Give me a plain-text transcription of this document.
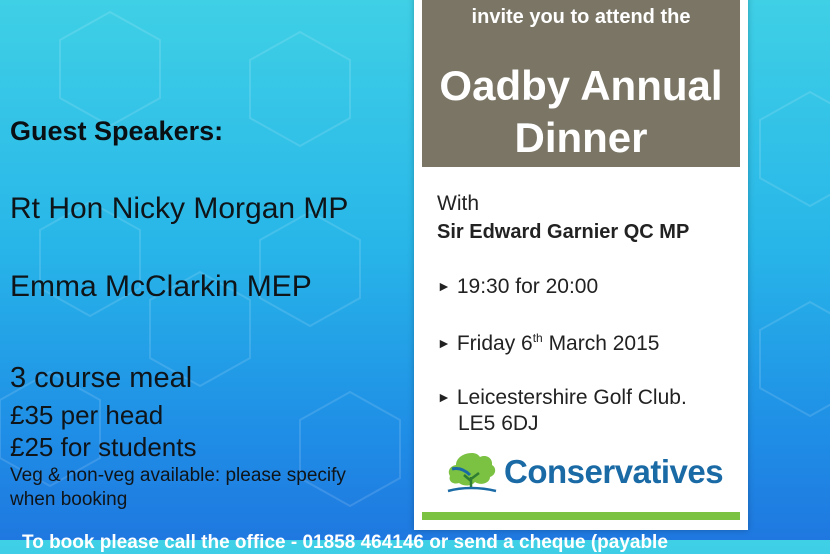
Guest Speakers:
Rt Hon Nicky Morgan MP
Emma McClarkin MEP
3 course meal
£35 per head
£25 for students
Veg & non-veg available: please specify when booking
invite you to attend the
Oadby Annual
Dinner
With
Sir Edward Garnier QC MP
► 19:30 for 20:00
► Friday 6th March 2015
► Leicestershire Golf Club.
LE5 6DJ
Conservatives
To book please call the office - 01858 464146 or send a cheque (payable
